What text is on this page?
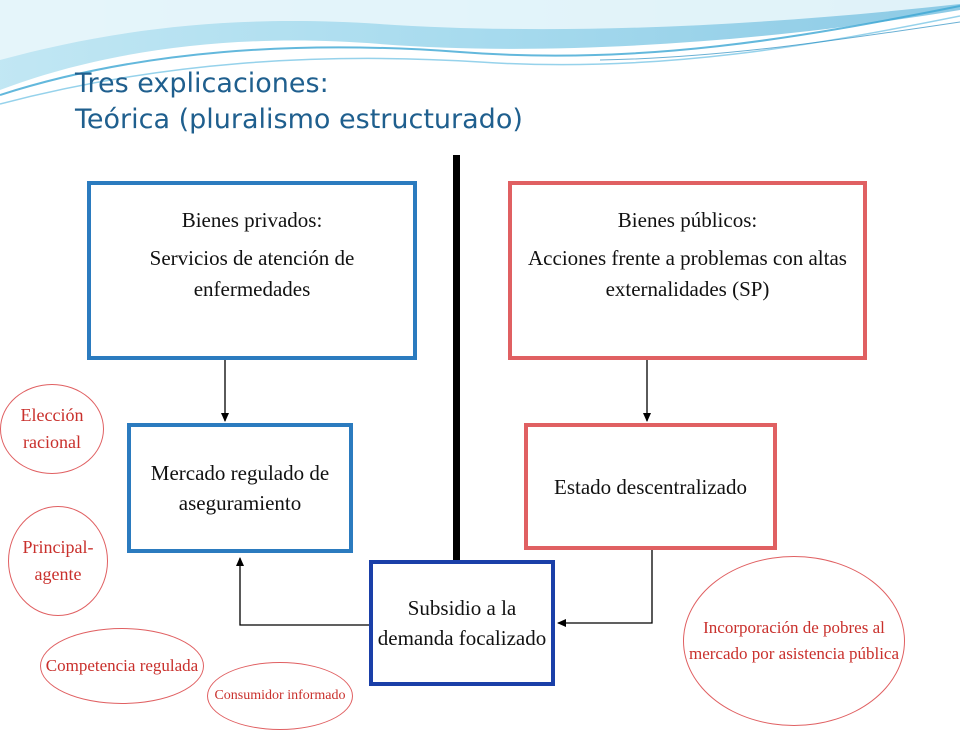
Tres explicaciones:
Teórica (pluralismo estructurado)
Bienes privados:
Servicios de atención de enfermedades
Bienes públicos:
Acciones frente a problemas con altas externalidades (SP)
Mercado regulado de aseguramiento
Estado descentralizado
Subsidio a la demanda focalizado
Elección racional
Principal-agente
Competencia regulada
Consumidor informado
Incorporación de pobres al mercado por asistencia pública
